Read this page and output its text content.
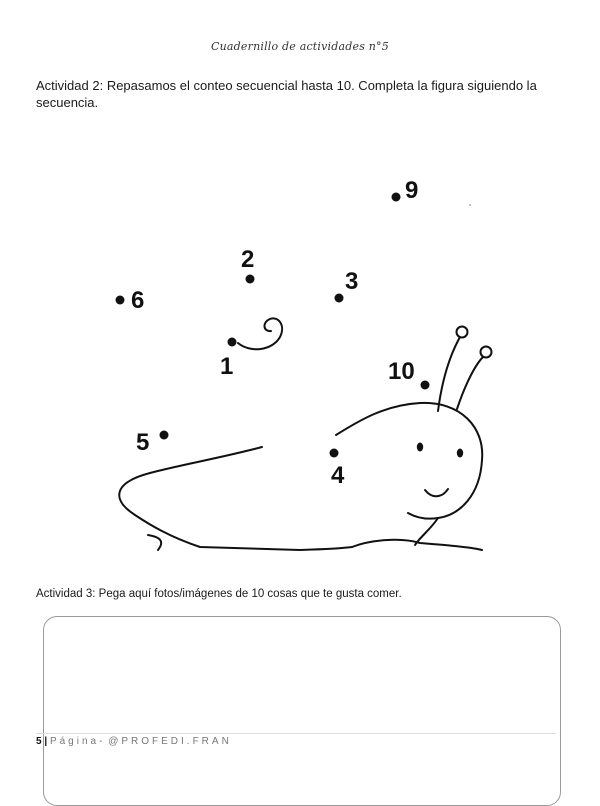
Cuadernillo de actividades n°5
Actividad 2: Repasamos el conteo secuencial hasta 10. Completa la figura siguiendo la secuencia.
1
2
3
4
5
6
9
10
Actividad 3: Pega aquí fotos/imágenes de 10 cosas que te gusta comer.
5 | Página- @PROFEDI.FRAN
